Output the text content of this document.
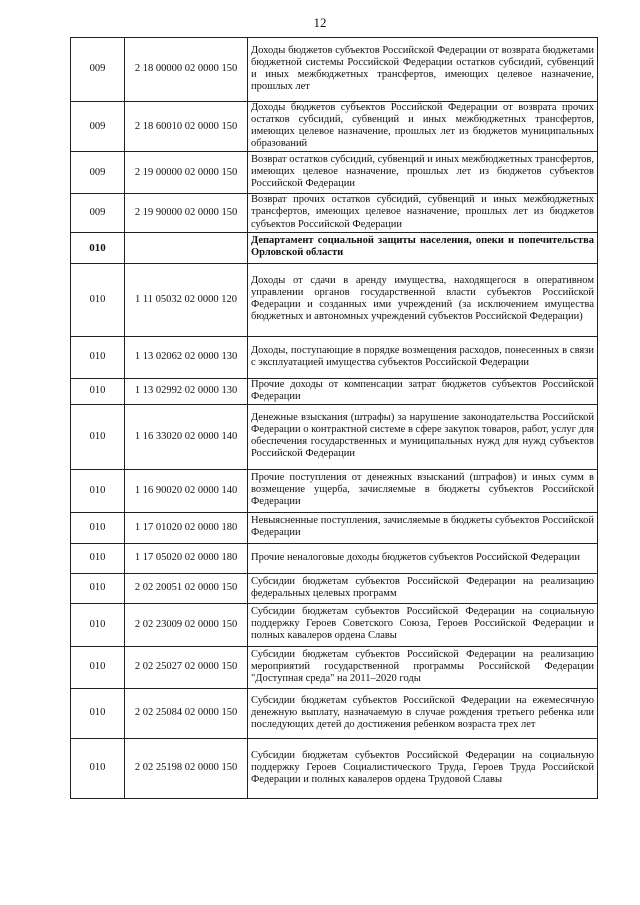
12
009	2 18 00000 02 0000 150	Доходы бюджетов субъектов Российской Федерации от возврата бюджетами бюджетной системы Российской Федерации остатков субсидий, субвенций и иных межбюджетных трансфертов, имеющих целевое назначение, прошлых лет
009	2 18 60010 02 0000 150	Доходы бюджетов субъектов Российской Федерации от возврата прочих остатков субсидий, субвенций и иных межбюджетных трансфертов, имеющих целевое назначение, прошлых лет из бюджетов муниципальных образований
009	2 19 00000 02 0000 150	Возврат остатков субсидий, субвенций и иных межбюджетных трансфертов, имеющих целевое назначение, прошлых лет из бюджетов субъектов Российской Федерации
009	2 19 90000 02 0000 150	Возврат прочих остатков субсидий, субвенций и иных межбюджетных трансфертов, имеющих целевое назначение, прошлых лет из бюджетов субъектов Российской Федерации
010		Департамент социальной защиты населения, опеки и попечительства Орловской области
010	1 11 05032 02 0000 120	Доходы от сдачи в аренду имущества, находящегося в оперативном управлении органов государственной власти субъектов Российской Федерации и созданных ими учреждений (за исключением имущества бюджетных и автономных учреждений субъектов Российской Федерации)
010	1 13 02062 02 0000 130	Доходы, поступающие в порядке возмещения расходов, понесенных в связи с эксплуатацией имущества субъектов Российской Федерации
010	1 13 02992 02 0000 130	Прочие доходы от компенсации затрат бюджетов субъектов Российской Федерации
010	1 16 33020 02 0000 140	Денежные взыскания (штрафы) за нарушение законодательства Российской Федерации о контрактной системе в сфере закупок товаров, работ, услуг для обеспечения государственных и муниципальных нужд для нужд субъектов Российской Федерации
010	1 16 90020 02 0000 140	Прочие поступления от денежных взысканий (штрафов) и иных сумм в возмещение ущерба, зачисляемые в бюджеты субъектов Российской Федерации
010	1 17 01020 02 0000 180	Невыясненные поступления, зачисляемые в бюджеты субъектов Российской Федерации
010	1 17 05020 02 0000 180	Прочие неналоговые доходы бюджетов субъектов Российской Федерации
010	2 02 20051 02 0000 150	Субсидии бюджетам субъектов Российской Федерации на реализацию федеральных целевых программ
010	2 02 23009 02 0000 150	Субсидии бюджетам субъектов Российской Федерации на социальную поддержку Героев Советского Союза, Героев Российской Федерации и полных кавалеров ордена Славы
010	2 02 25027 02 0000 150	Субсидии бюджетам субъектов Российской Федерации на реализацию мероприятий государственной программы Российской Федерации "Доступная среда" на 2011–2020 годы
010	2 02 25084 02 0000 150	Субсидии бюджетам субъектов Российской Федерации на ежемесячную денежную выплату, назначаемую в случае рождения третьего ребенка или последующих детей до достижения ребенком возраста трех лет
010	2 02 25198 02 0000 150	Субсидии бюджетам субъектов Российской Федерации на социальную поддержку Героев Социалистического Труда, Героев Труда Российской Федерации и полных кавалеров ордена Трудовой Славы
